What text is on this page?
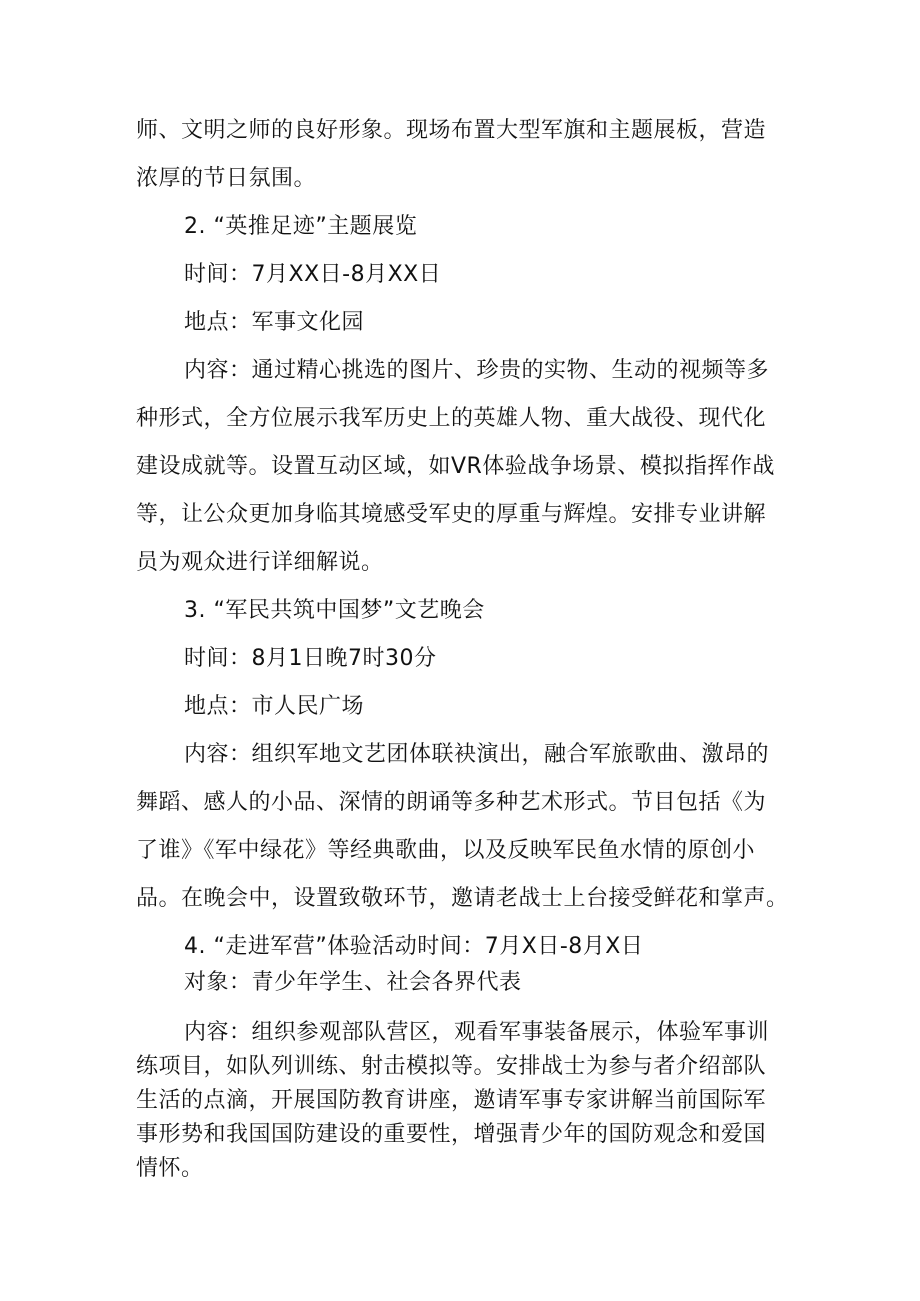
师、文明之师的良好形象。现场布置大型军旗和主题展板，营造
浓厚的节日氛围。
2. “英推足迹”主题展览
时间：7月XX日-8月XX日
地点：军事文化园
内容：通过精心挑选的图片、珍贵的实物、生动的视频等多
种形式，全方位展示我军历史上的英雄人物、重大战役、现代化
建设成就等。设置互动区域，如VR体验战争场景、模拟指挥作战
等，让公众更加身临其境感受军史的厚重与辉煌。安排专业讲解
员为观众进行详细解说。
3. “军民共筑中国梦”文艺晚会
时间：8月1日晚7时30分
地点：市人民广场
内容：组织军地文艺团体联袂演出，融合军旅歌曲、激昂的
舞蹈、感人的小品、深情的朗诵等多种艺术形式。节目包括《为
了谁》《军中绿花》等经典歌曲，以及反映军民鱼水情的原创小
品。在晚会中，设置致敬环节，邀请老战士上台接受鲜花和掌声。
4. “走进军营”体验活动时间：7月X日-8月X日
对象：青少年学生、社会各界代表
内容：组织参观部队营区，观看军事装备展示，体验军事训
练项目，如队列训练、射击模拟等。安排战士为参与者介绍部队
生活的点滴，开展国防教育讲座，邀请军事专家讲解当前国际军
事形势和我国国防建设的重要性，增强青少年的国防观念和爱国
情怀。
